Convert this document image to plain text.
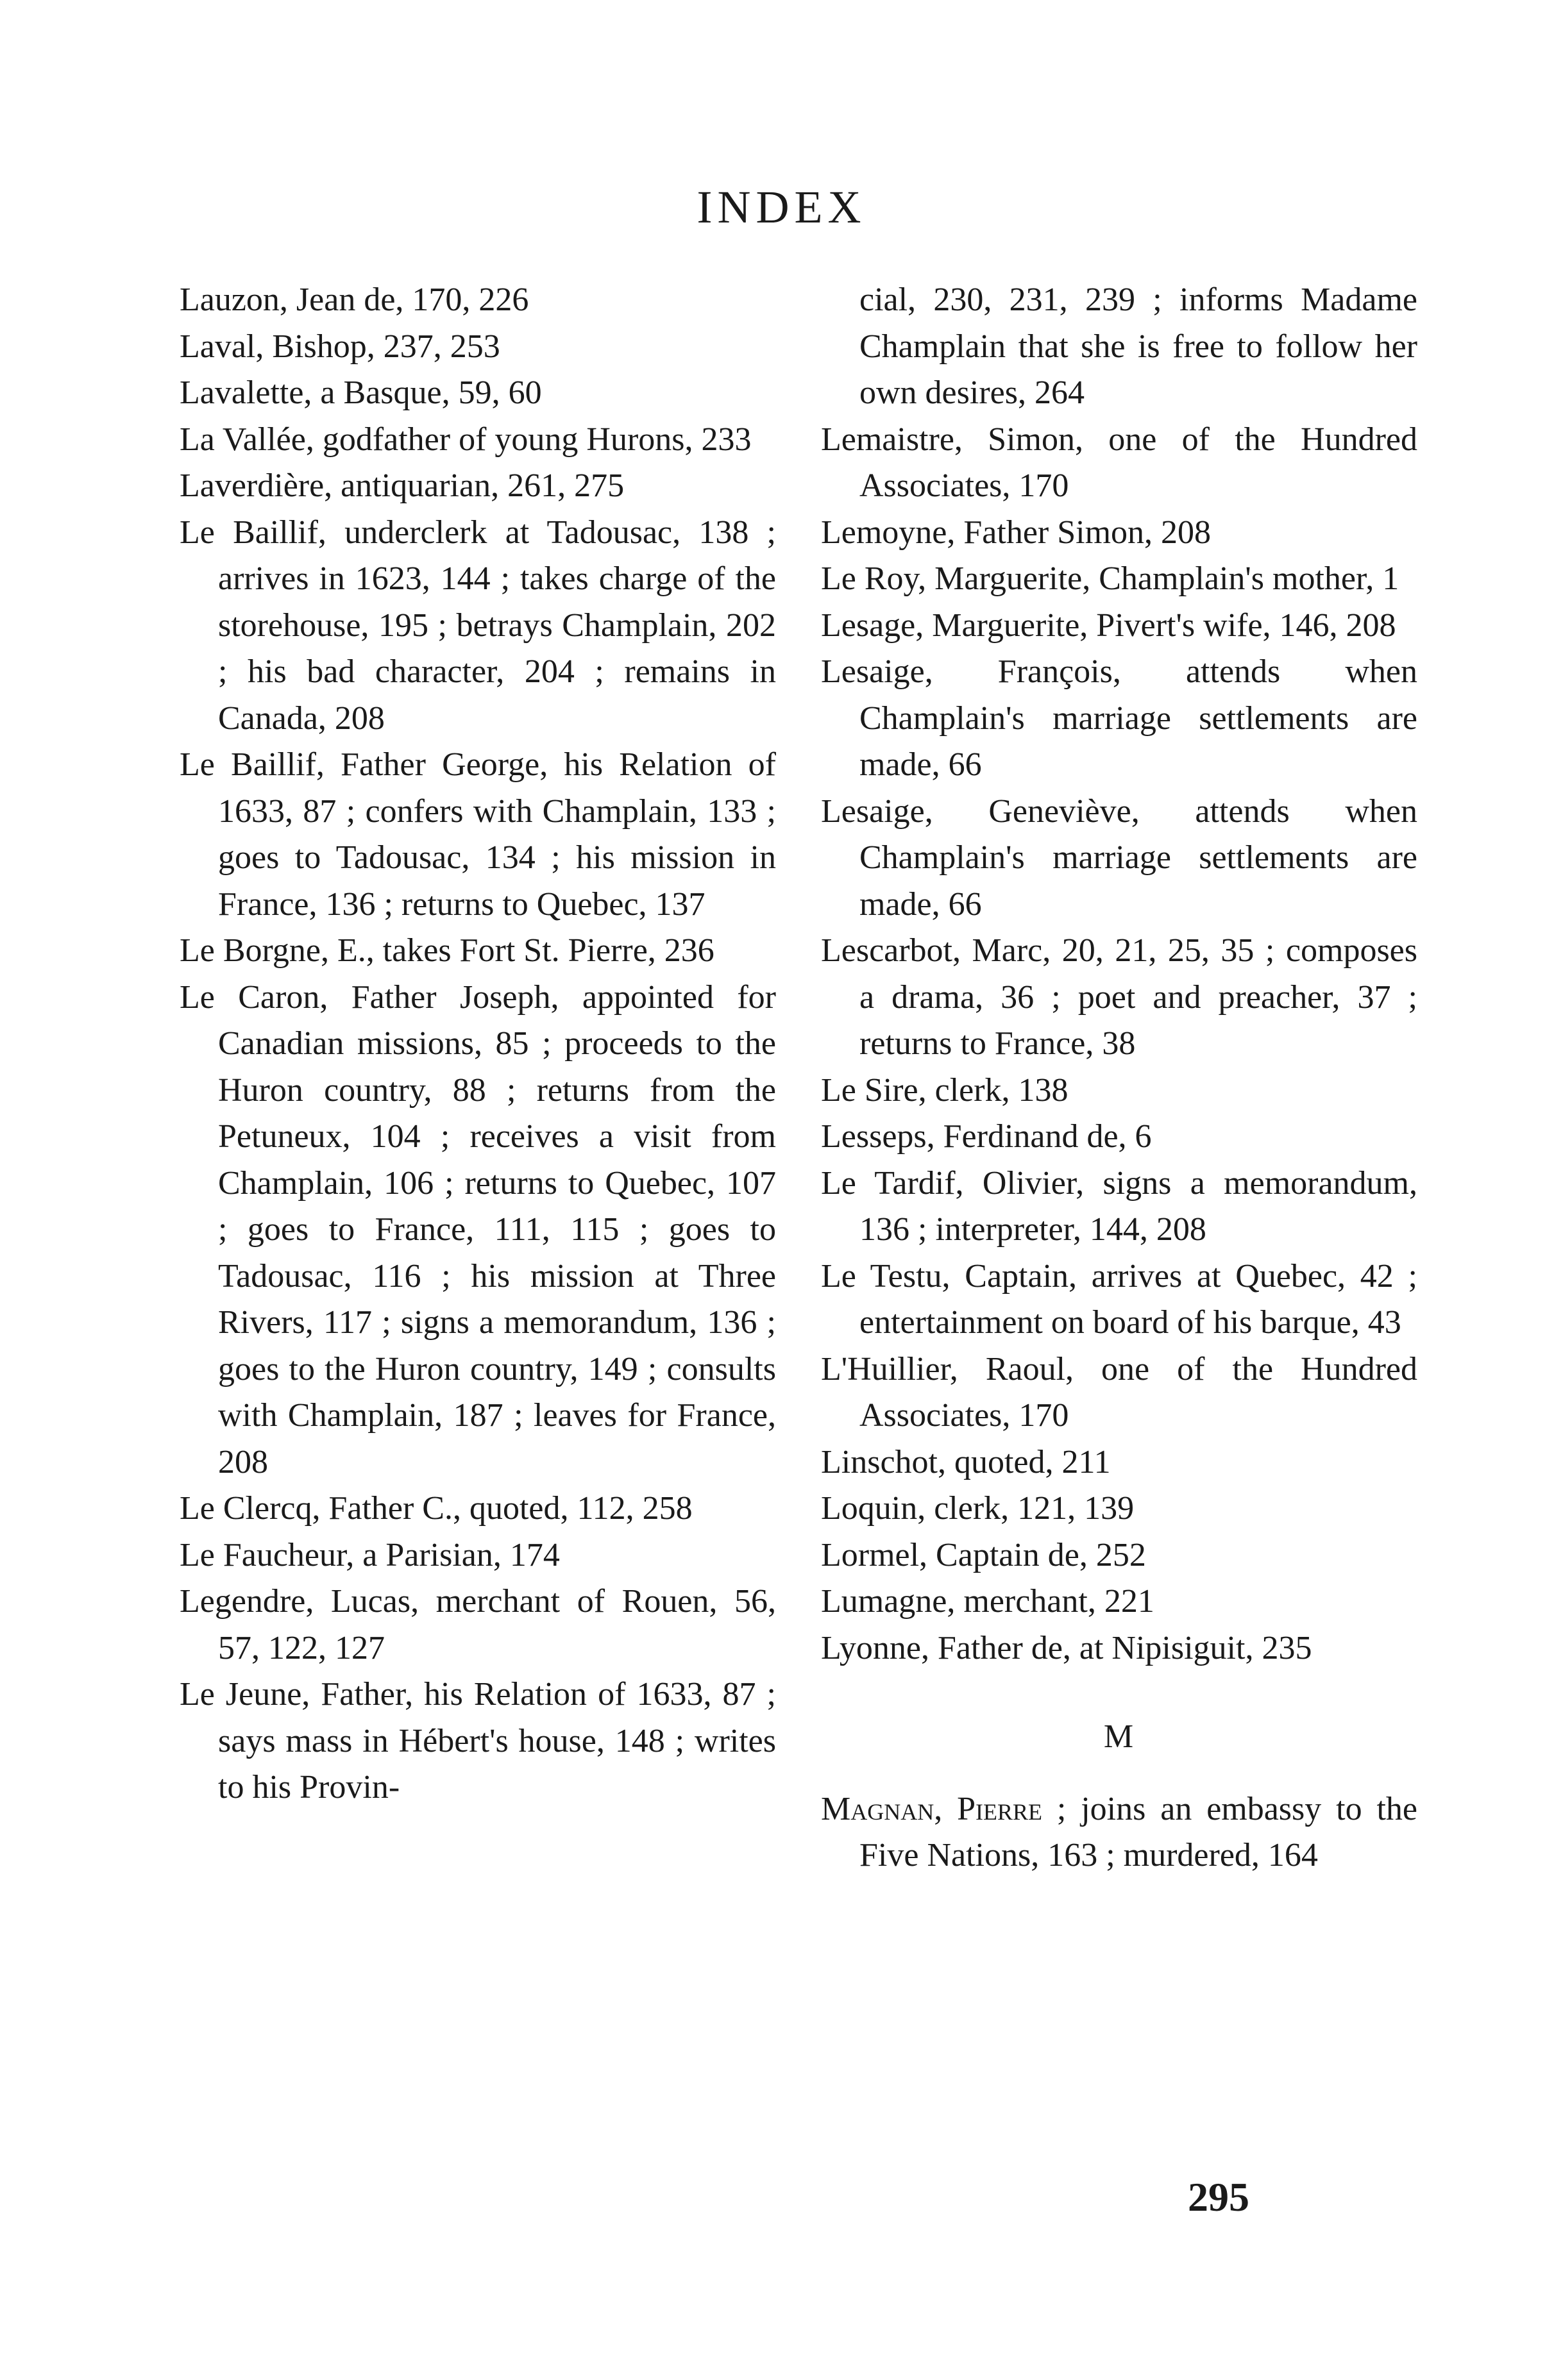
INDEX

Lauzon, Jean de, 170, 226

Laval, Bishop, 237, 253

Lavalette, a Basque, 59, 60

La Vallée, godfather of young Hurons, 233

Laverdière, antiquarian, 261, 275

Le Baillif, underclerk at Tadousac, 138 ; arrives in 1623, 144 ; takes charge of the storehouse, 195 ; betrays Champlain, 202 ; his bad character, 204 ; remains in Canada, 208

Le Baillif, Father George, his Relation of 1633, 87 ; confers with Champlain, 133 ; goes to Tadousac, 134 ; his mission in France, 136 ; returns to Quebec, 137

Le Borgne, E., takes Fort St. Pierre, 236

Le Caron, Father Joseph, appointed for Canadian missions, 85 ; proceeds to the Huron country, 88 ; returns from the Petuneux, 104 ; receives a visit from Champlain, 106 ; returns to Quebec, 107 ; goes to France, 111, 115 ; goes to Tadousac, 116 ; his mission at Three Rivers, 117 ; signs a memorandum, 136 ; goes to the Huron country, 149 ; consults with Champlain, 187 ; leaves for France, 208

Le Clercq, Father C., quoted, 112, 258

Le Faucheur, a Parisian, 174

Legendre, Lucas, merchant of Rouen, 56, 57, 122, 127

Le Jeune, Father, his Relation of 1633, 87 ; says mass in Hébert's house, 148 ; writes to his Provin-

cial, 230, 231, 239 ; informs Madame Champlain that she is free to follow her own desires, 264

Lemaistre, Simon, one of the Hundred Associates, 170

Lemoyne, Father Simon, 208

Le Roy, Marguerite, Champlain's mother, 1

Lesage, Marguerite, Pivert's wife, 146, 208

Lesaige, François, attends when Champlain's marriage settlements are made, 66

Lesaige, Geneviève, attends when Champlain's marriage settlements are made, 66

Lescarbot, Marc, 20, 21, 25, 35 ; composes a drama, 36 ; poet and preacher, 37 ; returns to France, 38

Le Sire, clerk, 138

Lesseps, Ferdinand de, 6

Le Tardif, Olivier, signs a memorandum, 136 ; interpreter, 144, 208

Le Testu, Captain, arrives at Quebec, 42 ; entertainment on board of his barque, 43

L'Huillier, Raoul, one of the Hundred Associates, 170

Linschot, quoted, 211

Loquin, clerk, 121, 139

Lormel, Captain de, 252

Lumagne, merchant, 221

Lyonne, Father de, at Nipisiguit, 235

M

Magnan, Pierre ; joins an embassy to the Five Nations, 163 ; murdered, 164

295
